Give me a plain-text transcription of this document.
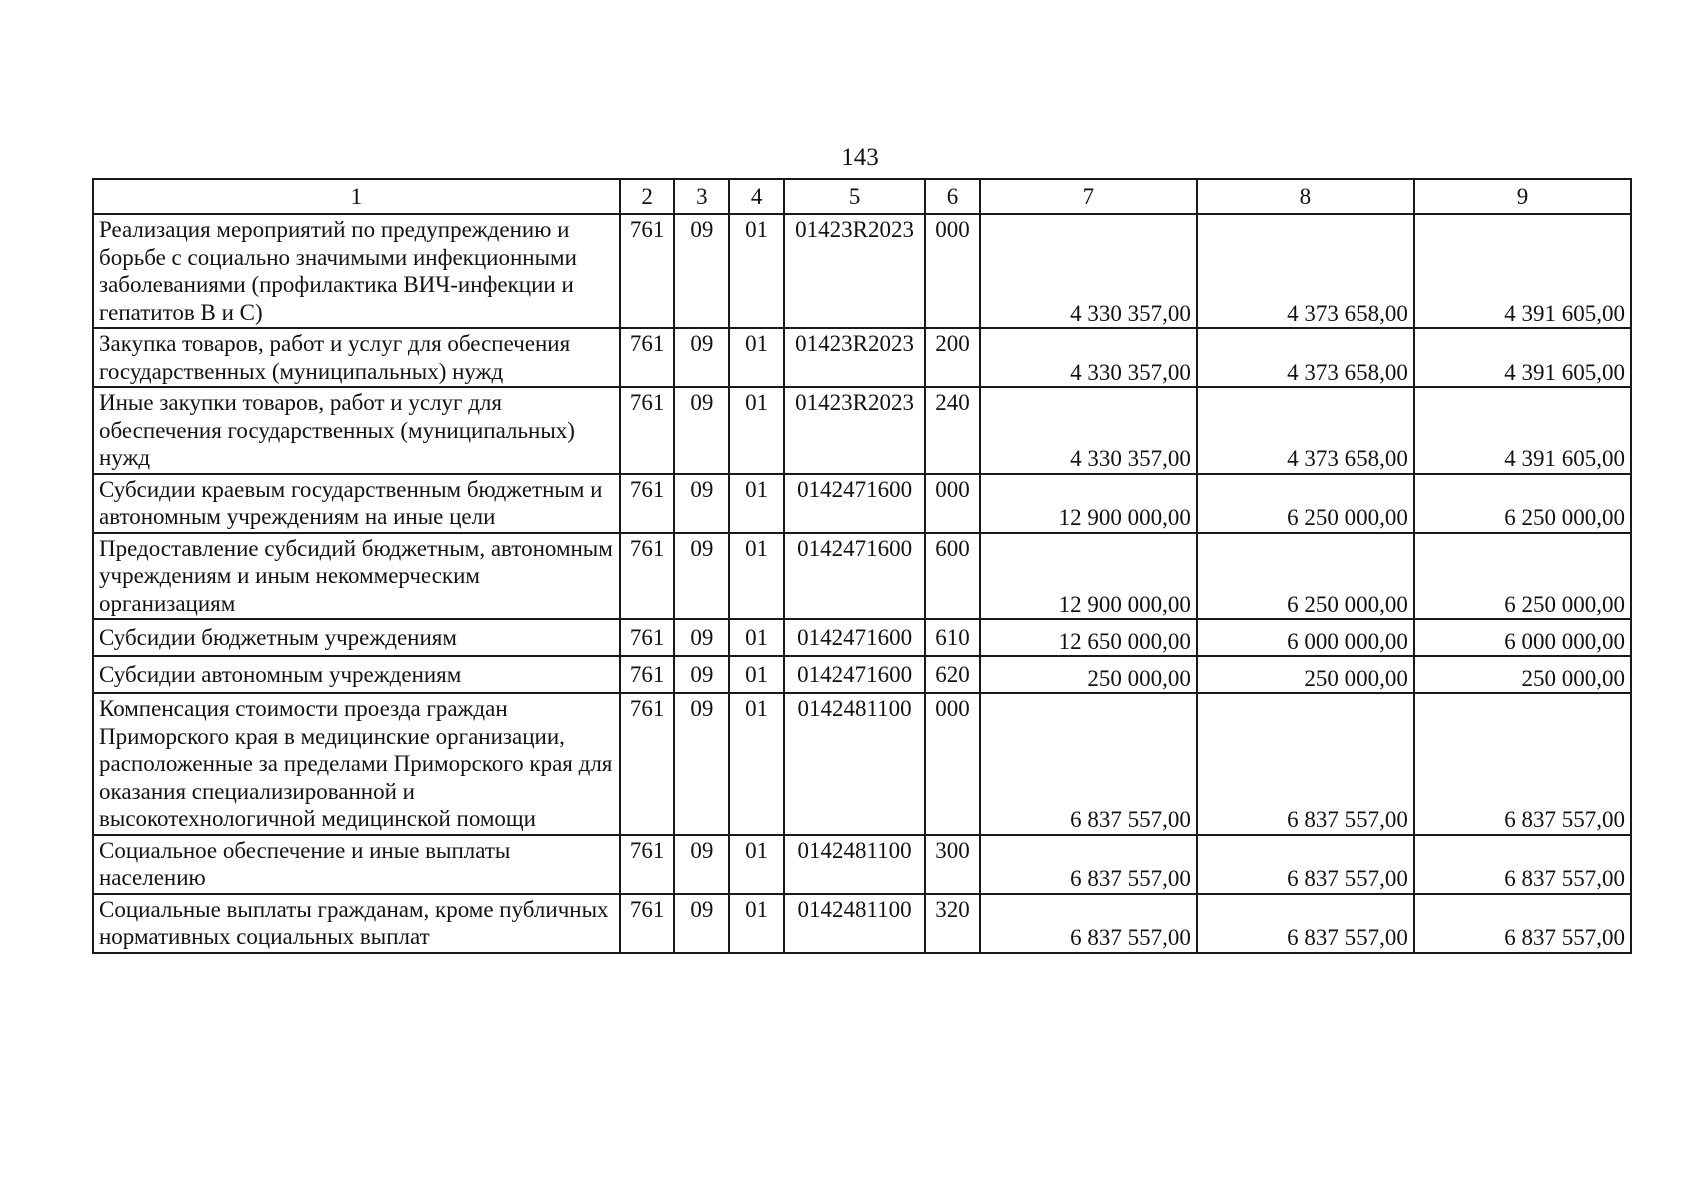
143
1	2	3	4	5	6	7	8	9
Реализация мероприятий по предупреждению и борьбе с социально значимыми инфекционными заболеваниями (профилактика ВИЧ-инфекции и гепатитов В и С)	761	09	01	01423R2023	000	4 330 357,00	4 373 658,00	4 391 605,00
Закупка товаров, работ и услуг для обеспечения государственных (муниципальных) нужд	761	09	01	01423R2023	200	4 330 357,00	4 373 658,00	4 391 605,00
Иные закупки товаров, работ и услуг для обеспечения государственных (муниципальных) нужд	761	09	01	01423R2023	240	4 330 357,00	4 373 658,00	4 391 605,00
Субсидии краевым государственным бюджетным и автономным учреждениям на иные цели	761	09	01	0142471600	000	12 900 000,00	6 250 000,00	6 250 000,00
Предоставление субсидий бюджетным, автономным учреждениям и иным некоммерческим организациям	761	09	01	0142471600	600	12 900 000,00	6 250 000,00	6 250 000,00
Субсидии бюджетным учреждениям	761	09	01	0142471600	610	12 650 000,00	6 000 000,00	6 000 000,00
Субсидии автономным учреждениям	761	09	01	0142471600	620	250 000,00	250 000,00	250 000,00
Компенсация стоимости проезда граждан Приморского края в медицинские организации, расположенные за пределами Приморского края для оказания специализированной и высокотехнологичной медицинской помощи	761	09	01	0142481100	000	6 837 557,00	6 837 557,00	6 837 557,00
Социальное обеспечение и иные выплаты населению	761	09	01	0142481100	300	6 837 557,00	6 837 557,00	6 837 557,00
Социальные выплаты гражданам, кроме публичных нормативных социальных выплат	761	09	01	0142481100	320	6 837 557,00	6 837 557,00	6 837 557,00
